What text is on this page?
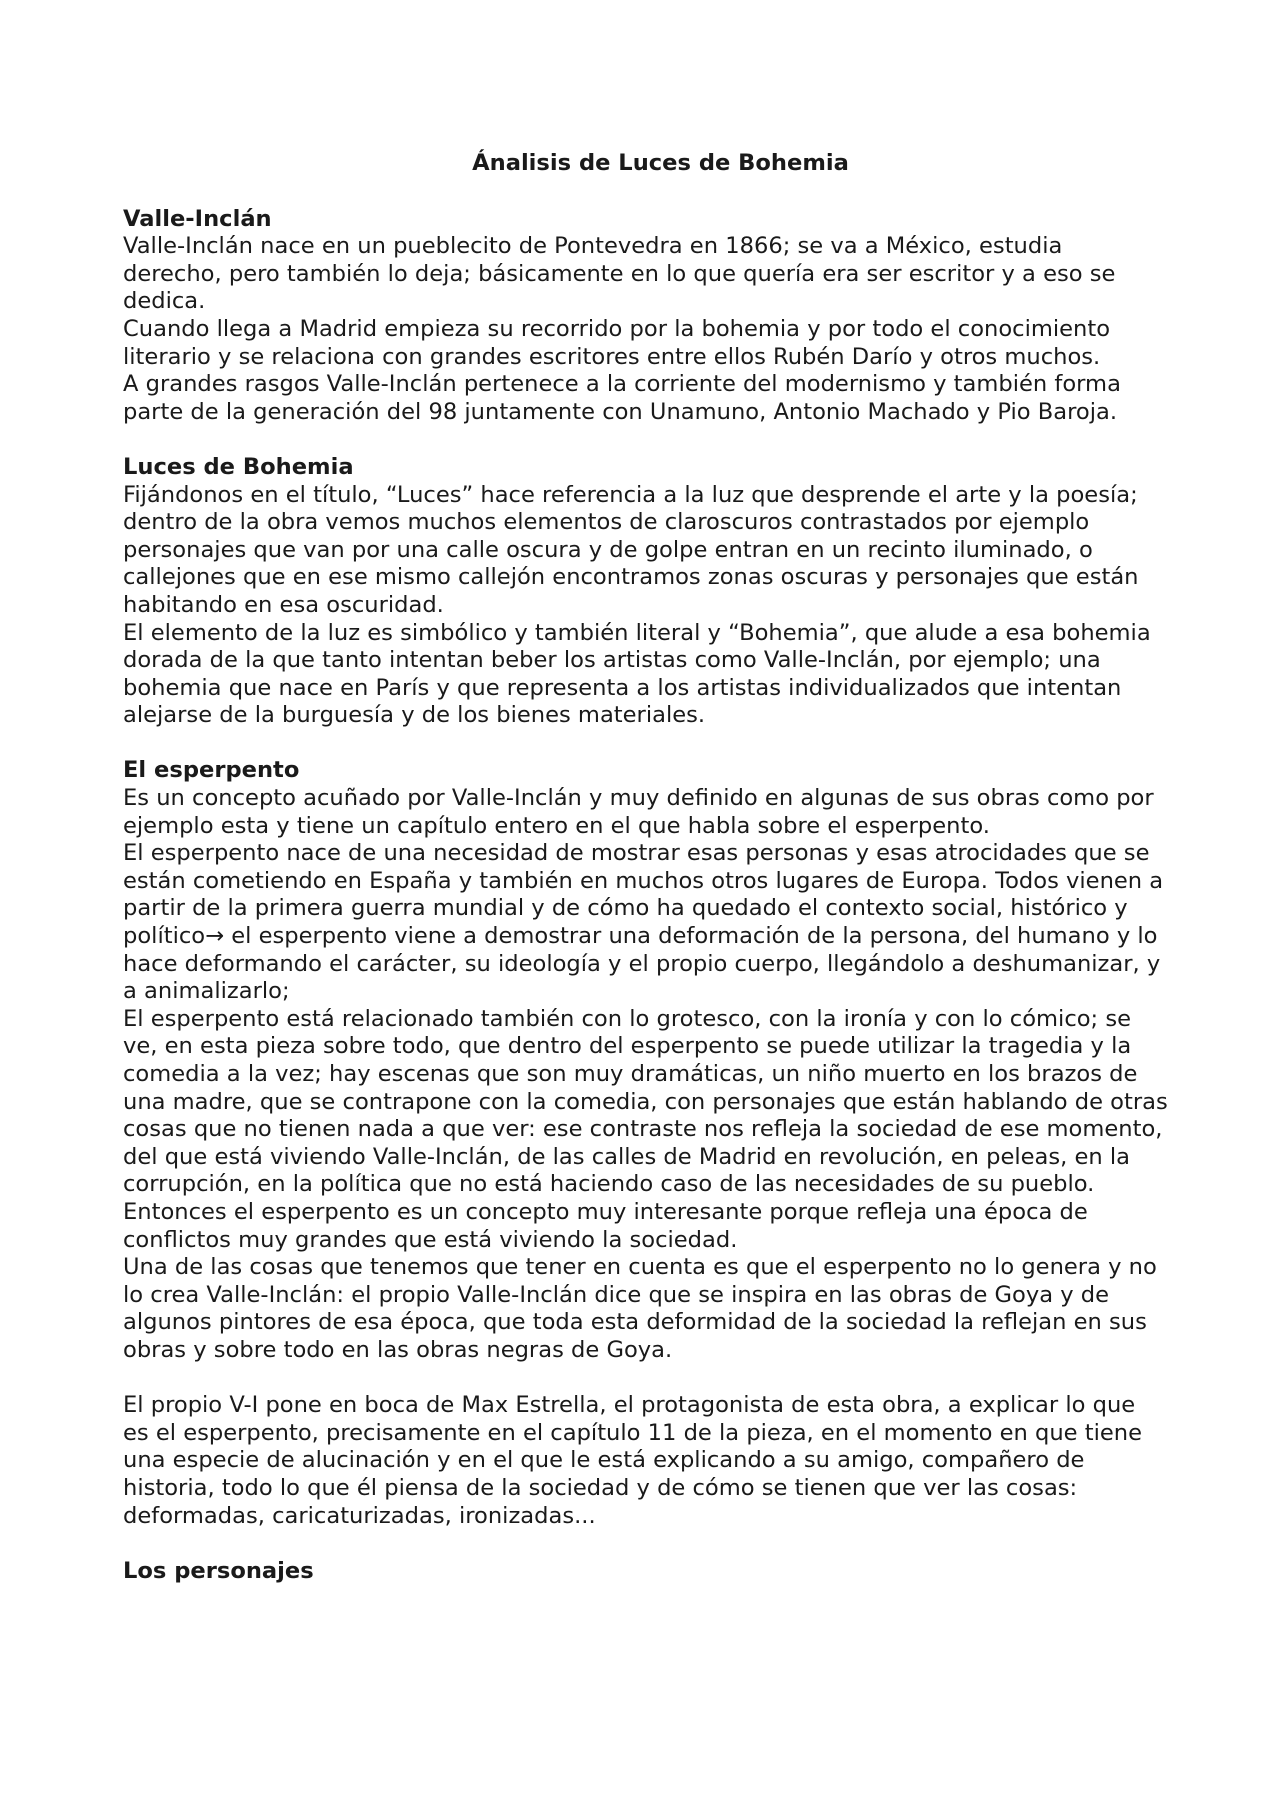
Ánalisis de Luces de Bohemia
Valle-Inclán

Valle-Inclán nace en un pueblecito de Pontevedra en 1866; se va a México, estudia derecho, pero también lo deja; básicamente en lo que quería era ser escritor y a eso se dedica.

Cuando llega a Madrid empieza su recorrido por la bohemia y por todo el conocimiento literario y se relaciona con grandes escritores entre ellos Rubén Darío y otros muchos.

A grandes rasgos Valle-Inclán pertenece a la corriente del modernismo y también forma parte de la generación del 98 juntamente con Unamuno, Antonio Machado y Pio Baroja.

Luces de Bohemia

Fijándonos en el título, “Luces” hace referencia a la luz que desprende el arte y la poesía; dentro de la obra vemos muchos elementos de claroscuros contrastados por ejemplo personajes que van por una calle oscura y de golpe entran en un recinto iluminado, o callejones que en ese mismo callejón encontramos zonas oscuras y personajes que están habitando en esa oscuridad.

El elemento de la luz es simbólico y también literal y “Bohemia”, que alude a esa bohemia dorada de la que tanto intentan beber los artistas como Valle-Inclán, por ejemplo; una bohemia que nace en París y que representa a los artistas individualizados que intentan alejarse de la burguesía y de los bienes materiales.

El esperpento

Es un concepto acuñado por Valle-Inclán y muy definido en algunas de sus obras como por ejemplo esta y tiene un capítulo entero en el que habla sobre el esperpento.

El esperpento nace de una necesidad de mostrar esas personas y esas atrocidades que se están cometiendo en España y también en muchos otros lugares de Europa. Todos vienen a partir de la primera guerra mundial y de cómo ha quedado el contexto social, histórico y político→ el esperpento viene a demostrar una deformación de la persona, del humano y lo hace deformando el carácter, su ideología y el propio cuerpo, llegándolo a deshumanizar, y a animalizarlo;

El esperpento está relacionado también con lo grotesco, con la ironía y con lo cómico; se ve, en esta pieza sobre todo, que dentro del esperpento se puede utilizar la tragedia y la comedia a la vez; hay escenas que son muy dramáticas, un niño muerto en los brazos de una madre, que se contrapone con la comedia, con personajes que están hablando de otras cosas que no tienen nada a que ver: ese contraste nos refleja la sociedad de ese momento, del que está viviendo Valle-Inclán, de las calles de Madrid en revolución, en peleas, en la corrupción, en la política que no está haciendo caso de las necesidades de su pueblo.

Entonces el esperpento es un concepto muy interesante porque refleja una época de conflictos muy grandes que está viviendo la sociedad.

Una de las cosas que tenemos que tener en cuenta es que el esperpento no lo genera y no lo crea Valle-Inclán: el propio Valle-Inclán dice que se inspira en las obras de Goya y de algunos pintores de esa época, que toda esta deformidad de la sociedad la reflejan en sus obras y sobre todo en las obras negras de Goya.

El propio V-I pone en boca de Max Estrella, el protagonista de esta obra, a explicar lo que es el esperpento, precisamente en el capítulo 11 de la pieza, en el momento en que tiene una especie de alucinación y en el que le está explicando a su amigo, compañero de historia, todo lo que él piensa de la sociedad y de cómo se tienen que ver las cosas: deformadas, caricaturizadas, ironizadas...

Los personajes
